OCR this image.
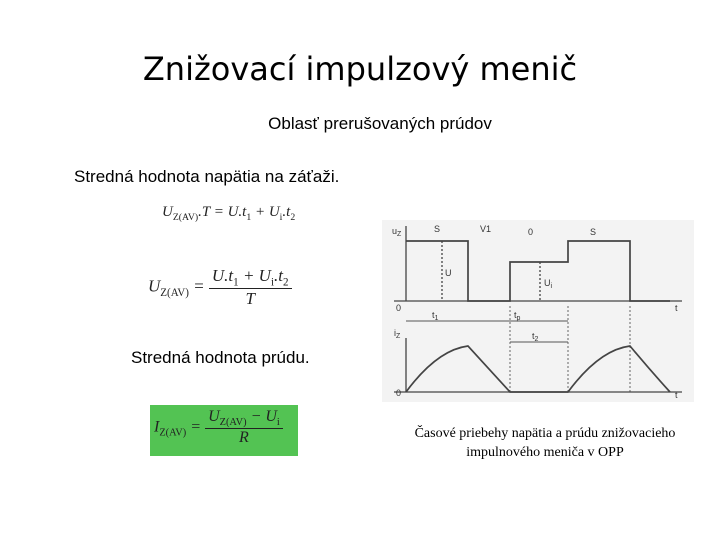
Znižovací impulzový menič
Oblasť prerušovaných prúdov
Stredná hodnota napätia na záťaži.
$U_{Z(AV)}.T = U.t_1 + U_i.t_2$
$U_{Z(AV)} = \frac{U.t_1 + U_i.t_2}{T}$
Stredná hodnota prúdu.
$I_{Z(AV)} = \frac{U_{Z(AV)} - U_i}{R}$
$u_Z$
S	V1	0	S
U
$U_i$
0	t
$t_1$	$t_p$
$i_Z$	$t_2$
0	t
Časové priebehy napätia a prúdu znižovacieho
impulnového meniča v OPP
